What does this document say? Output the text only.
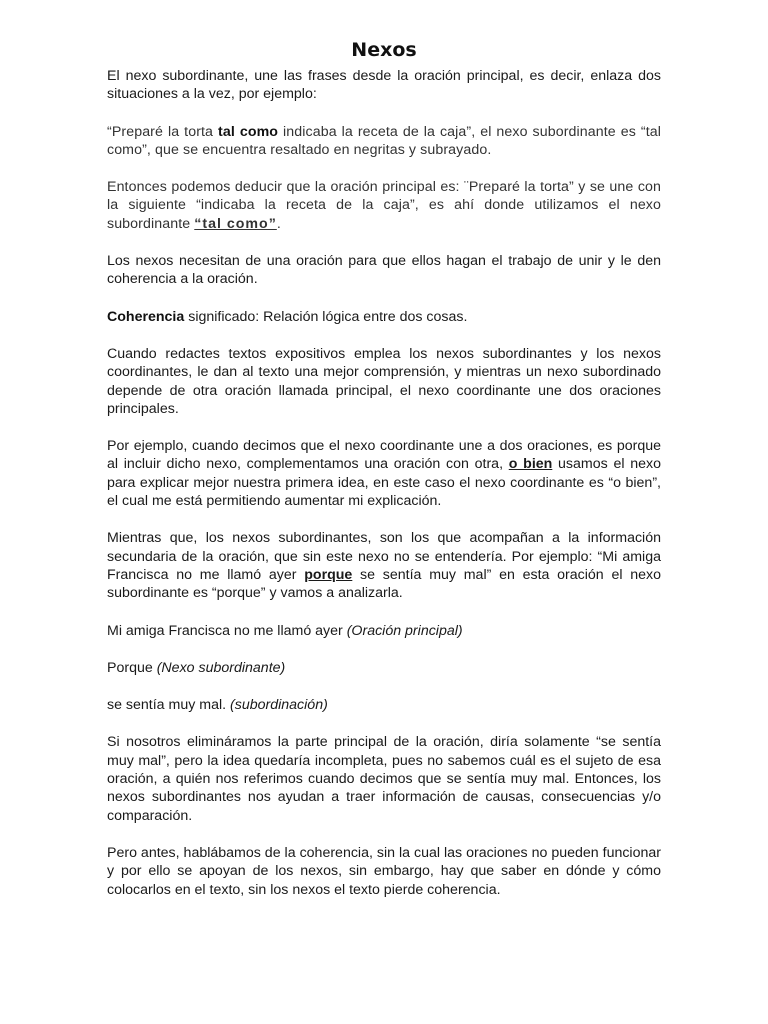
Nexos

El nexo subordinante, une las frases desde la oración principal, es decir, enlaza dos situaciones a la vez, por ejemplo:

“Preparé la torta tal como indicaba la receta de la caja”, el nexo subordinante es “tal como”, que se encuentra resaltado en negritas y subrayado.

Entonces podemos deducir que la oración principal es: ¨Preparé la torta” y se une con la siguiente “indicaba la receta de la caja”, es ahí donde utilizamos el nexo subordinante “tal como”.

Los nexos necesitan de una oración para que ellos hagan el trabajo de unir y le den coherencia a la oración.

Coherencia significado: Relación lógica entre dos cosas.

Cuando redactes textos expositivos emplea los nexos subordinantes y los nexos coordinantes, le dan al texto una mejor comprensión, y mientras un nexo subordinado depende de otra oración llamada principal, el nexo coordinante une dos oraciones principales.

Por ejemplo, cuando decimos que el nexo coordinante une a dos oraciones, es porque al incluir dicho nexo, complementamos una oración con otra, o bien usamos el nexo para explicar mejor nuestra primera idea, en este caso el nexo coordinante es “o bien”, el cual me está permitiendo aumentar mi explicación.

Mientras que, los nexos subordinantes, son los que acompañan a la información secundaria de la oración, que sin este nexo no se entendería. Por ejemplo: “Mi amiga Francisca no me llamó ayer porque se sentía muy mal” en esta oración el nexo subordinante es “porque” y vamos a analizarla.

Mi amiga Francisca no me llamó ayer (Oración principal)

Porque (Nexo subordinante)

se sentía muy mal. (subordinación)

Si nosotros elimináramos la parte principal de la oración, diría solamente “se sentía muy mal”, pero la idea quedaría incompleta, pues no sabemos cuál es el sujeto de esa oración, a quién nos referimos cuando decimos que se sentía muy mal. Entonces, los nexos subordinantes nos ayudan a traer información de causas, consecuencias y/o comparación.

Pero antes, hablábamos de la coherencia, sin la cual las oraciones no pueden funcionar y por ello se apoyan de los nexos, sin embargo, hay que saber en dónde y cómo colocarlos en el texto, sin los nexos el texto pierde coherencia.
